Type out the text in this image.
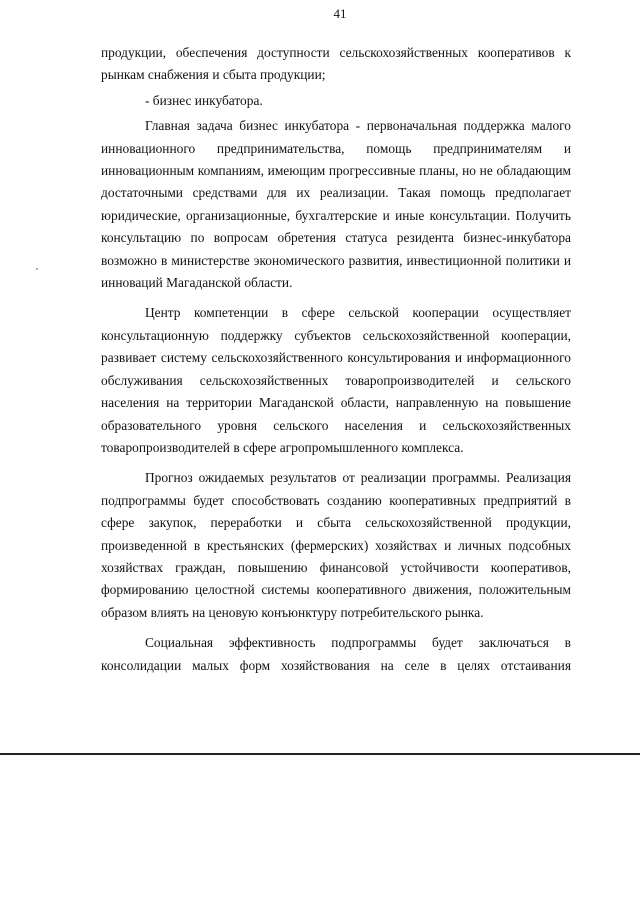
41

продукции, обеспечения доступности сельскохозяйственных кооперативов к рынкам снабжения и сбыта продукции;

- бизнес инкубатора.

Главная задача бизнес инкубатора - первоначальная поддержка малого инновационного предпринимательства, помощь предпринимателям и инновационным компаниям, имеющим прогрессивные планы, но не обладающим достаточными средствами для их реализации. Такая помощь предполагает юридические, организационные, бухгалтерские и иные консультации. Получить консультацию по вопросам обретения статуса резидента бизнес-инкубатора возможно в министерстве экономического развития, инвестиционной политики и инноваций Магаданской области.

Центр компетенции в сфере сельской кооперации осуществляет консультационную поддержку субъектов сельскохозяйственной кооперации, развивает систему сельскохозяйственного консультирования и информационного обслуживания сельскохозяйственных товаропроизводителей и сельского населения на территории Магаданской области, направленную на повышение образовательного уровня сельского населения и сельскохозяйственных товаропроизводителей в сфере агропромышленного комплекса.

Прогноз ожидаемых результатов от реализации программы. Реализация подпрограммы будет способствовать созданию кооперативных предприятий в сфере закупок, переработки и сбыта сельскохозяйственной продукции, произведенной в крестьянских (фермерских) хозяйствах и личных подсобных хозяйствах граждан, повышению финансовой устойчивости кооперативов, формированию целостной системы кооперативного движения, положительным образом влиять на ценовую конъюнктуру потребительского рынка.

Социальная эффективность подпрограммы будет заключаться в консолидации малых форм хозяйствования на селе в целях отстаивания
